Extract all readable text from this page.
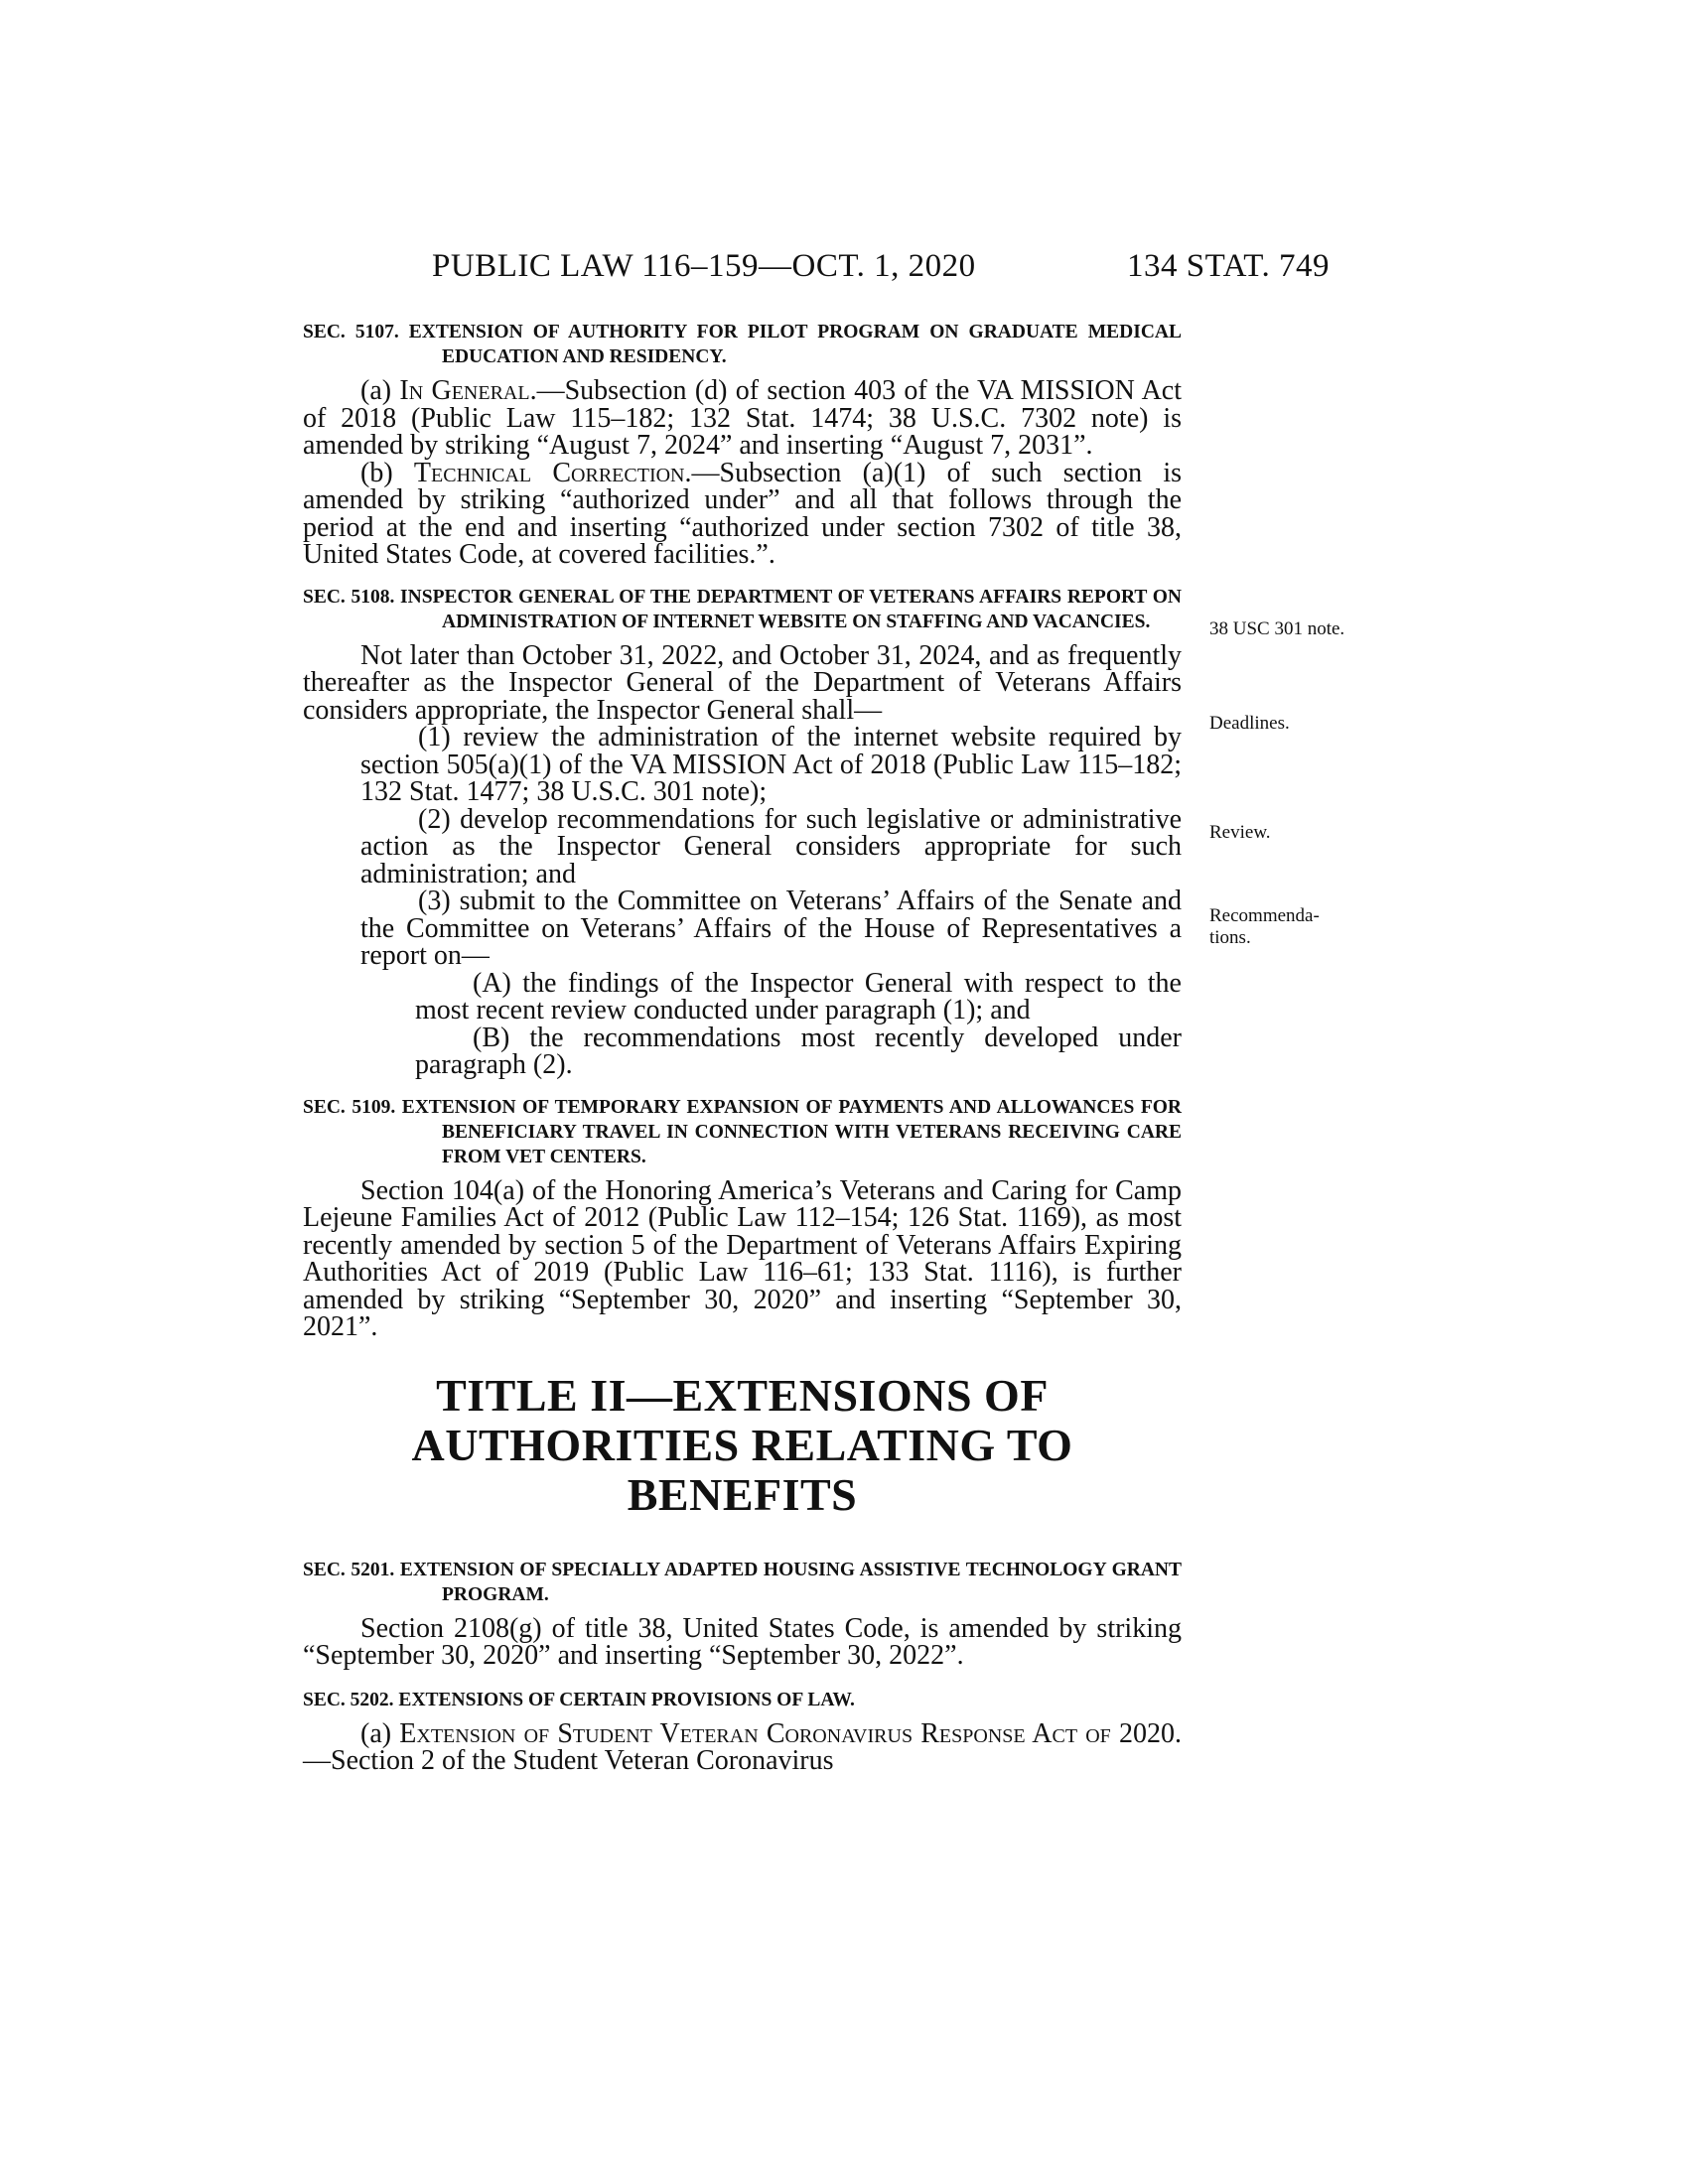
PUBLIC LAW 116–159—OCT. 1, 2020	134 STAT. 749
SEC. 5107. EXTENSION OF AUTHORITY FOR PILOT PROGRAM ON GRADUATE MEDICAL EDUCATION AND RESIDENCY.

(a) In General.—Subsection (d) of section 403 of the VA MISSION Act of 2018 (Public Law 115–182; 132 Stat. 1474; 38 U.S.C. 7302 note) is amended by striking “August 7, 2024” and inserting “August 7, 2031”.

(b) Technical Correction.—Subsection (a)(1) of such section is amended by striking “authorized under” and all that follows through the period at the end and inserting “authorized under section 7302 of title 38, United States Code, at covered facilities.”.

SEC. 5108. INSPECTOR GENERAL OF THE DEPARTMENT OF VETERANS AFFAIRS REPORT ON ADMINISTRATION OF INTERNET WEBSITE ON STAFFING AND VACANCIES.

Not later than October 31, 2022, and October 31, 2024, and as frequently thereafter as the Inspector General of the Department of Veterans Affairs considers appropriate, the Inspector General shall—

(1) review the administration of the internet website required by section 505(a)(1) of the VA MISSION Act of 2018 (Public Law 115–182; 132 Stat. 1477; 38 U.S.C. 301 note);

(2) develop recommendations for such legislative or administrative action as the Inspector General considers appropriate for such administration; and

(3) submit to the Committee on Veterans’ Affairs of the Senate and the Committee on Veterans’ Affairs of the House of Representatives a report on—

(A) the findings of the Inspector General with respect to the most recent review conducted under paragraph (1); and

(B) the recommendations most recently developed under paragraph (2).

SEC. 5109. EXTENSION OF TEMPORARY EXPANSION OF PAYMENTS AND ALLOWANCES FOR BENEFICIARY TRAVEL IN CONNECTION WITH VETERANS RECEIVING CARE FROM VET CENTERS.

Section 104(a) of the Honoring America’s Veterans and Caring for Camp Lejeune Families Act of 2012 (Public Law 112–154; 126 Stat. 1169), as most recently amended by section 5 of the Department of Veterans Affairs Expiring Authorities Act of 2019 (Public Law 116–61; 133 Stat. 1116), is further amended by striking “September 30, 2020” and inserting “September 30, 2021”.

TITLE II—EXTENSIONS OF
AUTHORITIES RELATING TO BENEFITS
SEC. 5201. EXTENSION OF SPECIALLY ADAPTED HOUSING ASSISTIVE TECHNOLOGY GRANT PROGRAM.

Section 2108(g) of title 38, United States Code, is amended by striking “September 30, 2020” and inserting “September 30, 2022”.

SEC. 5202. EXTENSIONS OF CERTAIN PROVISIONS OF LAW.

(a) Extension of Student Veteran Coronavirus Response Act of 2020.—Section 2 of the Student Veteran Coronavirus

38 USC 301 note.
Deadlines.
Review.
Recommenda-
tions.
